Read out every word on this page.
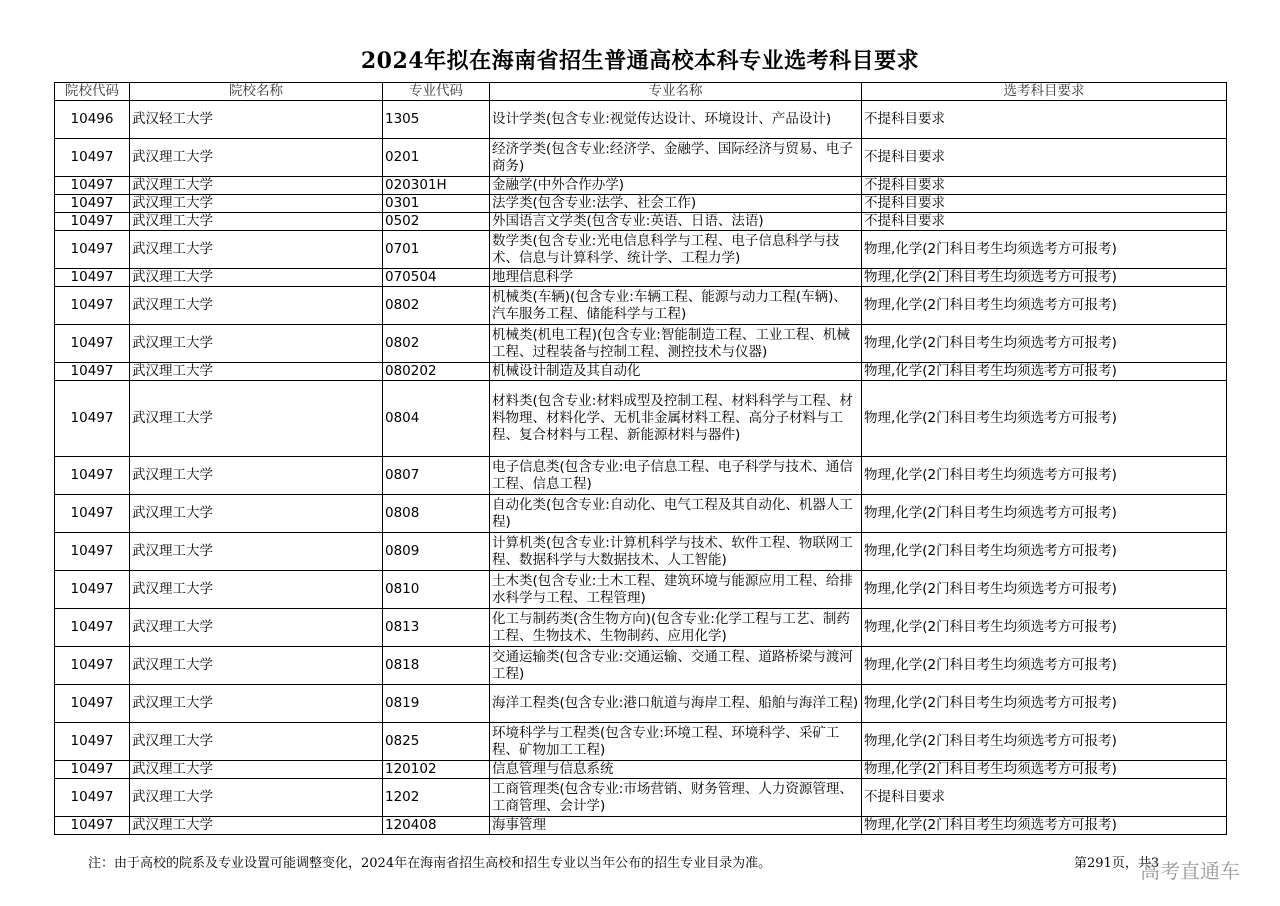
2024年拟在海南省招生普通高校本科专业选考科目要求
院校代码	院校名称	专业代码	专业名称	选考科目要求
10496	武汉轻工大学	1305	设计学类(包含专业:视觉传达设计、环境设计、产品设计)	不提科目要求
10497	武汉理工大学	0201	经济学类(包含专业:经济学、金融学、国际经济与贸易、电子商务)	不提科目要求
10497	武汉理工大学	020301H	金融学(中外合作办学)	不提科目要求
10497	武汉理工大学	0301	法学类(包含专业:法学、社会工作)	不提科目要求
10497	武汉理工大学	0502	外国语言文学类(包含专业:英语、日语、法语)	不提科目要求
10497	武汉理工大学	0701	数学类(包含专业:光电信息科学与工程、电子信息科学与技术、信息与计算科学、统计学、工程力学)	物理,化学(2门科目考生均须选考方可报考)
10497	武汉理工大学	070504	地理信息科学	物理,化学(2门科目考生均须选考方可报考)
10497	武汉理工大学	0802	机械类(车辆)(包含专业:车辆工程、能源与动力工程(车辆)、汽车服务工程、储能科学与工程)	物理,化学(2门科目考生均须选考方可报考)
10497	武汉理工大学	0802	机械类(机电工程)(包含专业:智能制造工程、工业工程、机械工程、过程装备与控制工程、测控技术与仪器)	物理,化学(2门科目考生均须选考方可报考)
10497	武汉理工大学	080202	机械设计制造及其自动化	物理,化学(2门科目考生均须选考方可报考)
10497	武汉理工大学	0804	材料类(包含专业:材料成型及控制工程、材料科学与工程、材料物理、材料化学、无机非金属材料工程、高分子材料与工程、复合材料与工程、新能源材料与器件)	物理,化学(2门科目考生均须选考方可报考)
10497	武汉理工大学	0807	电子信息类(包含专业:电子信息工程、电子科学与技术、通信工程、信息工程)	物理,化学(2门科目考生均须选考方可报考)
10497	武汉理工大学	0808	自动化类(包含专业:自动化、电气工程及其自动化、机器人工程)	物理,化学(2门科目考生均须选考方可报考)
10497	武汉理工大学	0809	计算机类(包含专业:计算机科学与技术、软件工程、物联网工程、数据科学与大数据技术、人工智能)	物理,化学(2门科目考生均须选考方可报考)
10497	武汉理工大学	0810	土木类(包含专业:土木工程、建筑环境与能源应用工程、给排水科学与工程、工程管理)	物理,化学(2门科目考生均须选考方可报考)
10497	武汉理工大学	0813	化工与制药类(含生物方向)(包含专业:化学工程与工艺、制药工程、生物技术、生物制药、应用化学)	物理,化学(2门科目考生均须选考方可报考)
10497	武汉理工大学	0818	交通运输类(包含专业:交通运输、交通工程、道路桥梁与渡河工程)	物理,化学(2门科目考生均须选考方可报考)
10497	武汉理工大学	0819	海洋工程类(包含专业:港口航道与海岸工程、船舶与海洋工程)	物理,化学(2门科目考生均须选考方可报考)
10497	武汉理工大学	0825	环境科学与工程类(包含专业:环境工程、环境科学、采矿工程、矿物加工工程)	物理,化学(2门科目考生均须选考方可报考)
10497	武汉理工大学	120102	信息管理与信息系统	物理,化学(2门科目考生均须选考方可报考)
10497	武汉理工大学	1202	工商管理类(包含专业:市场营销、财务管理、人力资源管理、工商管理、会计学)	不提科目要求
10497	武汉理工大学	120408	海事管理	物理,化学(2门科目考生均须选考方可报考)
注：由于高校的院系及专业设置可能调整变化，2024年在海南省招生高校和招生专业以当年公布的招生专业目录为准。	第291页，共3
高考直通车
